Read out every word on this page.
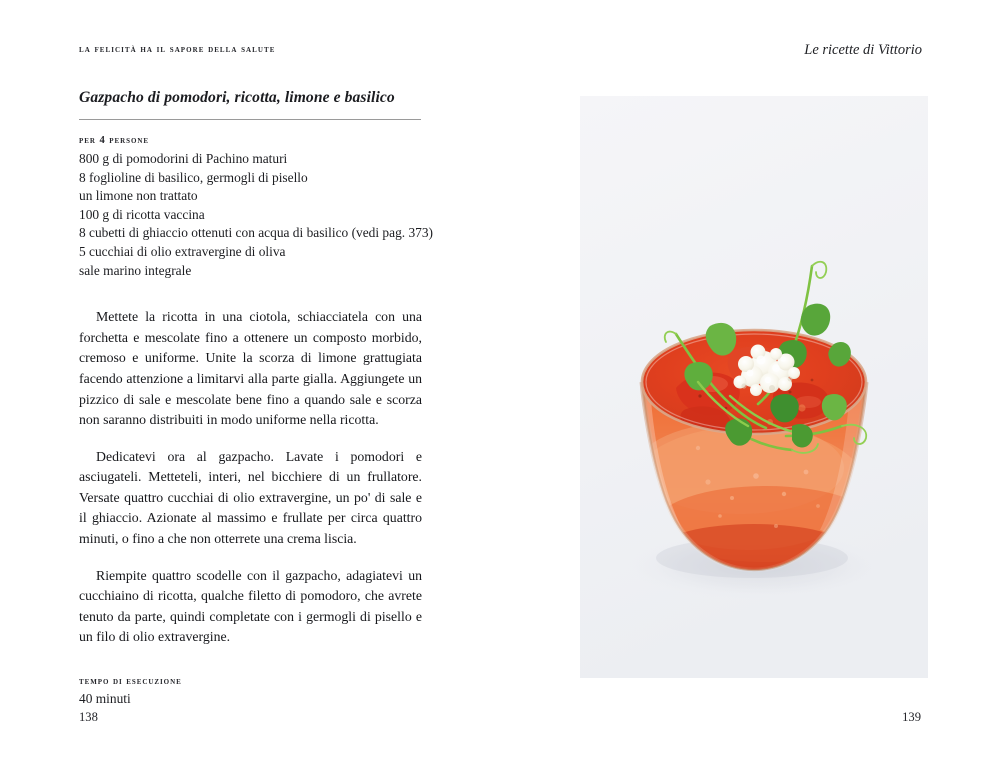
la felicità ha il sapore della salute	Le ricette di Vittorio
Gazpacho di pomodori, ricotta, limone e basilico
per 4 persone
800 g di pomodorini di Pachino maturi
8 foglioline di basilico, germogli di pisello
un limone non trattato
100 g di ricotta vaccina
8 cubetti di ghiaccio ottenuti con acqua di basilico (vedi pag. 373)
5 cucchiai di olio extravergine di oliva
sale marino integrale

Mettete la ricotta in una ciotola, schiacciatela con una forchetta e mescolate fino a ottenere un composto morbido, cremoso e uniforme. Unite la scorza di limone grattugiata facendo attenzione a limitarvi alla parte gialla. Aggiungete un pizzico di sale e mescolate bene fino a quando sale e scorza non saranno distribuiti in modo uniforme nella ricotta.

Dedicatevi ora al gazpacho. Lavate i pomodori e asciugateli. Metteteli, interi, nel bicchiere di un frullatore. Versate quattro cucchiai di olio extravergine, un po' di sale e il ghiaccio. Azionate al massimo e frullate per circa quattro minuti, o fino a che non otterrete una crema liscia.

Riempite quattro scodelle con il gazpacho, adagiatevi un cucchiaino di ricotta, qualche filetto di pomodoro, che avrete tenuto da parte, quindi completate con i germogli di pisello e un filo di olio extravergine.

tempo di esecuzione

40 minuti

138	139
